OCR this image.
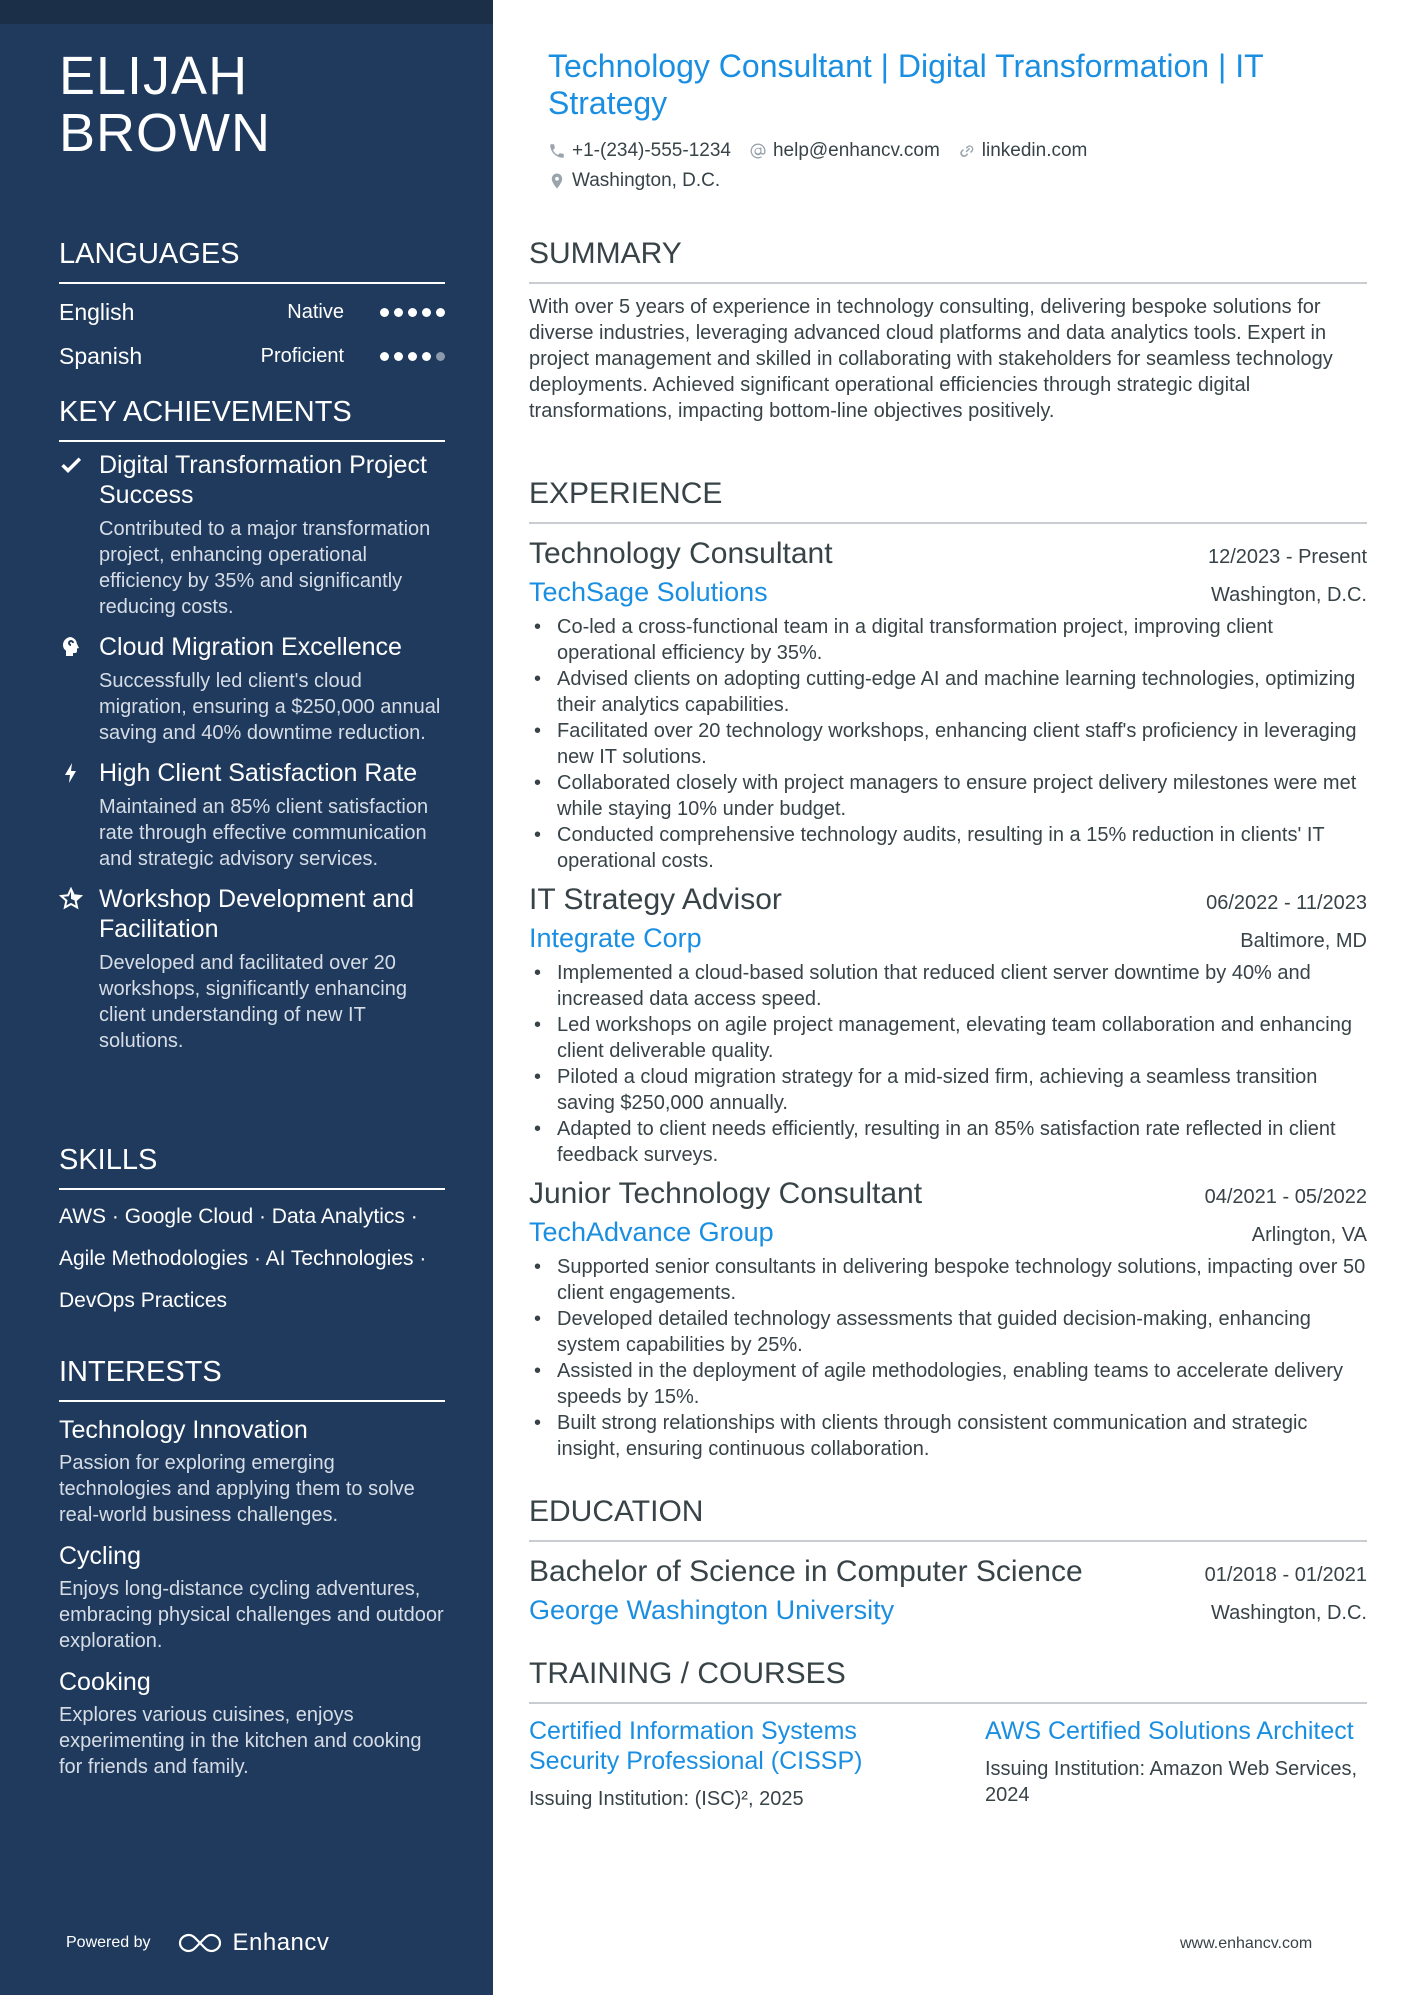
ELIJAH
BROWN
LANGUAGES
English	Native
Spanish	Proficient
KEY ACHIEVEMENTS
Digital Transformation Project Success
Contributed to a major transformation project, enhancing operational efficiency by 35% and significantly reducing costs.
Cloud Migration Excellence
Successfully led client's cloud migration, ensuring a $250,000 annual saving and 40% downtime reduction.
High Client Satisfaction Rate
Maintained an 85% client satisfaction rate through effective communication and strategic advisory services.
Workshop Development and Facilitation
Developed and facilitated over 20 workshops, significantly enhancing client understanding of new IT solutions.
SKILLS
AWS · Google Cloud · Data Analytics ·
Agile Methodologies · AI Technologies ·
DevOps Practices
INTERESTS
Technology Innovation
Passion for exploring emerging technologies and applying them to solve real-world business challenges.
Cycling
Enjoys long-distance cycling adventures, embracing physical challenges and outdoor exploration.
Cooking
Explores various cuisines, enjoys experimenting in the kitchen and cooking for friends and family.
Powered by	Enhancv
Technology Consultant | Digital Transformation | IT Strategy
+1-(234)-555-1234 help@enhancv.com linkedin.com
Washington, D.C.
SUMMARY
With over 5 years of experience in technology consulting, delivering bespoke solutions for diverse industries, leveraging advanced cloud platforms and data analytics tools. Expert in project management and skilled in collaborating with stakeholders for seamless technology deployments. Achieved significant operational efficiencies through strategic digital transformations, impacting bottom-line objectives positively.
EXPERIENCE
Technology Consultant	12/2023 - Present
TechSage Solutions	Washington, D.C.
• Co-led a cross-functional team in a digital transformation project, improving client operational efficiency by 35%.
• Advised clients on adopting cutting-edge AI and machine learning technologies, optimizing their analytics capabilities.
• Facilitated over 20 technology workshops, enhancing client staff's proficiency in leveraging new IT solutions.
• Collaborated closely with project managers to ensure project delivery milestones were met while staying 10% under budget.
• Conducted comprehensive technology audits, resulting in a 15% reduction in clients' IT operational costs.
IT Strategy Advisor	06/2022 - 11/2023
Integrate Corp	Baltimore, MD
• Implemented a cloud-based solution that reduced client server downtime by 40% and increased data access speed.
• Led workshops on agile project management, elevating team collaboration and enhancing client deliverable quality.
• Piloted a cloud migration strategy for a mid-sized firm, achieving a seamless transition saving $250,000 annually.
• Adapted to client needs efficiently, resulting in an 85% satisfaction rate reflected in client feedback surveys.
Junior Technology Consultant	04/2021 - 05/2022
TechAdvance Group	Arlington, VA
• Supported senior consultants in delivering bespoke technology solutions, impacting over 50 client engagements.
• Developed detailed technology assessments that guided decision-making, enhancing system capabilities by 25%.
• Assisted in the deployment of agile methodologies, enabling teams to accelerate delivery speeds by 15%.
• Built strong relationships with clients through consistent communication and strategic insight, ensuring continuous collaboration.
EDUCATION
Bachelor of Science in Computer Science	01/2018 - 01/2021
George Washington University	Washington, D.C.
TRAINING / COURSES
Certified Information Systems Security Professional (CISSP)
Issuing Institution: (ISC)², 2025
AWS Certified Solutions Architect
Issuing Institution: Amazon Web Services, 2024
www.enhancv.com
